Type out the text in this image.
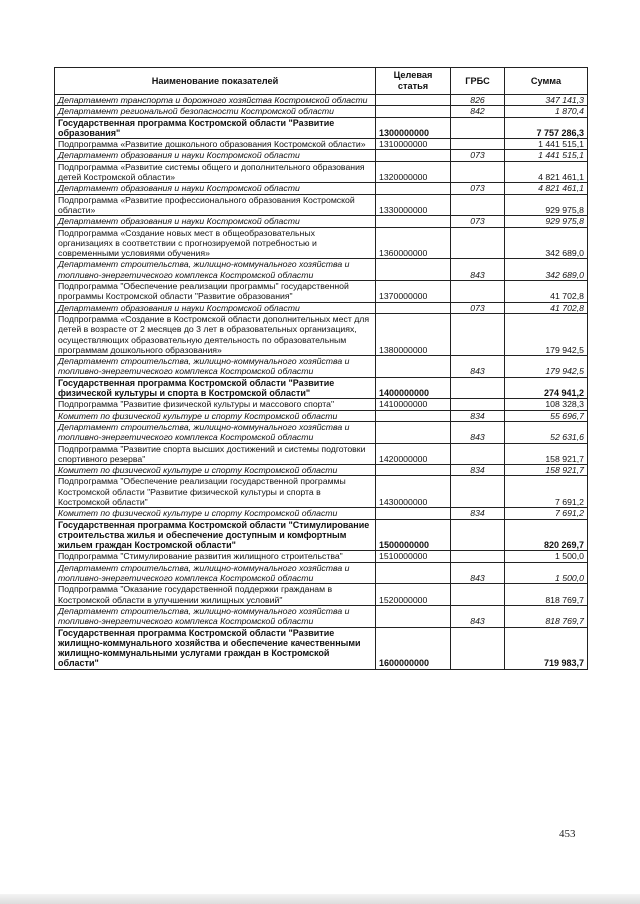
Наименование показателей	Целевая статья	ГРБС	Сумма
Департамент транспорта и дорожного хозяйства Костромской области		826	347 141,3
Департамент региональной безопасности Костромской области		842	1 870,4
Государственная программа Костромской области "Развитие образования"	1300000000		7 757 286,3
Подпрограмма «Развитие дошкольного образования Костромской области»	1310000000		1 441 515,1
Департамент образования и науки Костромской области		073	1 441 515,1
Подпрограмма «Развитие системы общего и дополнительного образования детей Костромской области»	1320000000		4 821 461,1
Департамент образования и науки Костромской области		073	4 821 461,1
Подпрограмма «Развитие профессионального образования Костромской области»	1330000000		929 975,8
Департамент образования и науки Костромской области		073	929 975,8
Подпрограмма «Создание новых мест в общеобразовательных организациях в соответствии с прогнозируемой потребностью и современными условиями обучения»	1360000000		342 689,0
Департамент строительства, жилищно-коммунального хозяйства и топливно-энергетического комплекса Костромской области		843	342 689,0
Подпрограмма "Обеспечение реализации программы" государственной программы Костромской области "Развитие образования"	1370000000		41 702,8
Департамент образования и науки Костромской области		073	41 702,8
Подпрограмма «Создание в Костромской области дополнительных мест для детей в возрасте от 2 месяцев до 3 лет в образовательных организациях, осуществляющих образовательную деятельность по образовательным программам дошкольного образования»	1380000000		179 942,5
Департамент строительства, жилищно-коммунального хозяйства и топливно-энергетического комплекса Костромской области		843	179 942,5
Государственная программа Костромской области "Развитие физической культуры и спорта в Костромской области"	1400000000		274 941,2
Подпрограмма "Развитие физической культуры и массового спорта"	1410000000		108 328,3
Комитет по физической культуре и спорту Костромской области		834	55 696,7
Департамент строительства, жилищно-коммунального хозяйства и топливно-энергетического комплекса Костромской области		843	52 631,6
Подпрограмма "Развитие спорта высших достижений и системы подготовки спортивного резерва"	1420000000		158 921,7
Комитет по физической культуре и спорту Костромской области		834	158 921,7
Подпрограмма "Обеспечение реализации государственной программы Костромской области "Развитие физической культуры и спорта в Костромской области"	1430000000		7 691,2
Комитет по физической культуре и спорту Костромской области		834	7 691,2
Государственная программа Костромской области "Стимулирование строительства жилья и обеспечение доступным и комфортным жильем граждан Костромской области"	1500000000		820 269,7
Подпрограмма "Стимулирование развития жилищного строительства"	1510000000		1 500,0
Департамент строительства, жилищно-коммунального хозяйства и топливно-энергетического комплекса Костромской области		843	1 500,0
Подпрограмма "Оказание государственной поддержки гражданам в Костромской области в улучшении жилищных условий"	1520000000		818 769,7
Департамент строительства, жилищно-коммунального хозяйства и топливно-энергетического комплекса Костромской области		843	818 769,7
Государственная программа Костромской области "Развитие жилищно-коммунального хозяйства и обеспечение качественными жилищно-коммунальными услугами граждан в Костромской области"	1600000000		719 983,7
453
